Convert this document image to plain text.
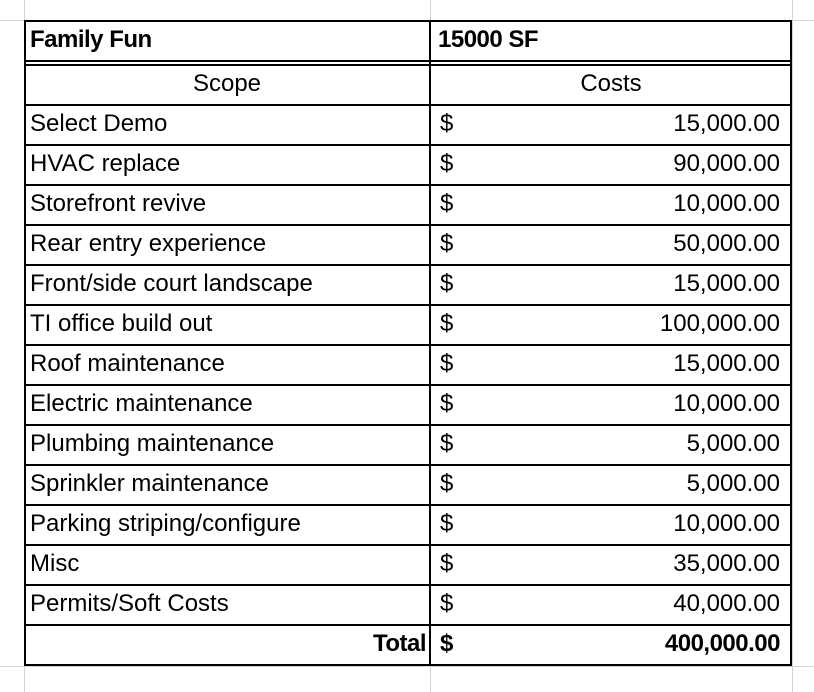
Family Fun	15000 SF
Scope	Costs
Select Demo	$	15,000.00
HVAC replace	$	90,000.00
Storefront revive	$	10,000.00
Rear entry experience	$	50,000.00
Front/side court landscape	$	15,000.00
TI office build out	$	100,000.00
Roof maintenance	$	15,000.00
Electric maintenance	$	10,000.00
Plumbing maintenance	$	5,000.00
Sprinkler maintenance	$	5,000.00
Parking striping/configure	$	10,000.00
Misc	$	35,000.00
Permits/Soft Costs	$	40,000.00
Total $	400,000.00
